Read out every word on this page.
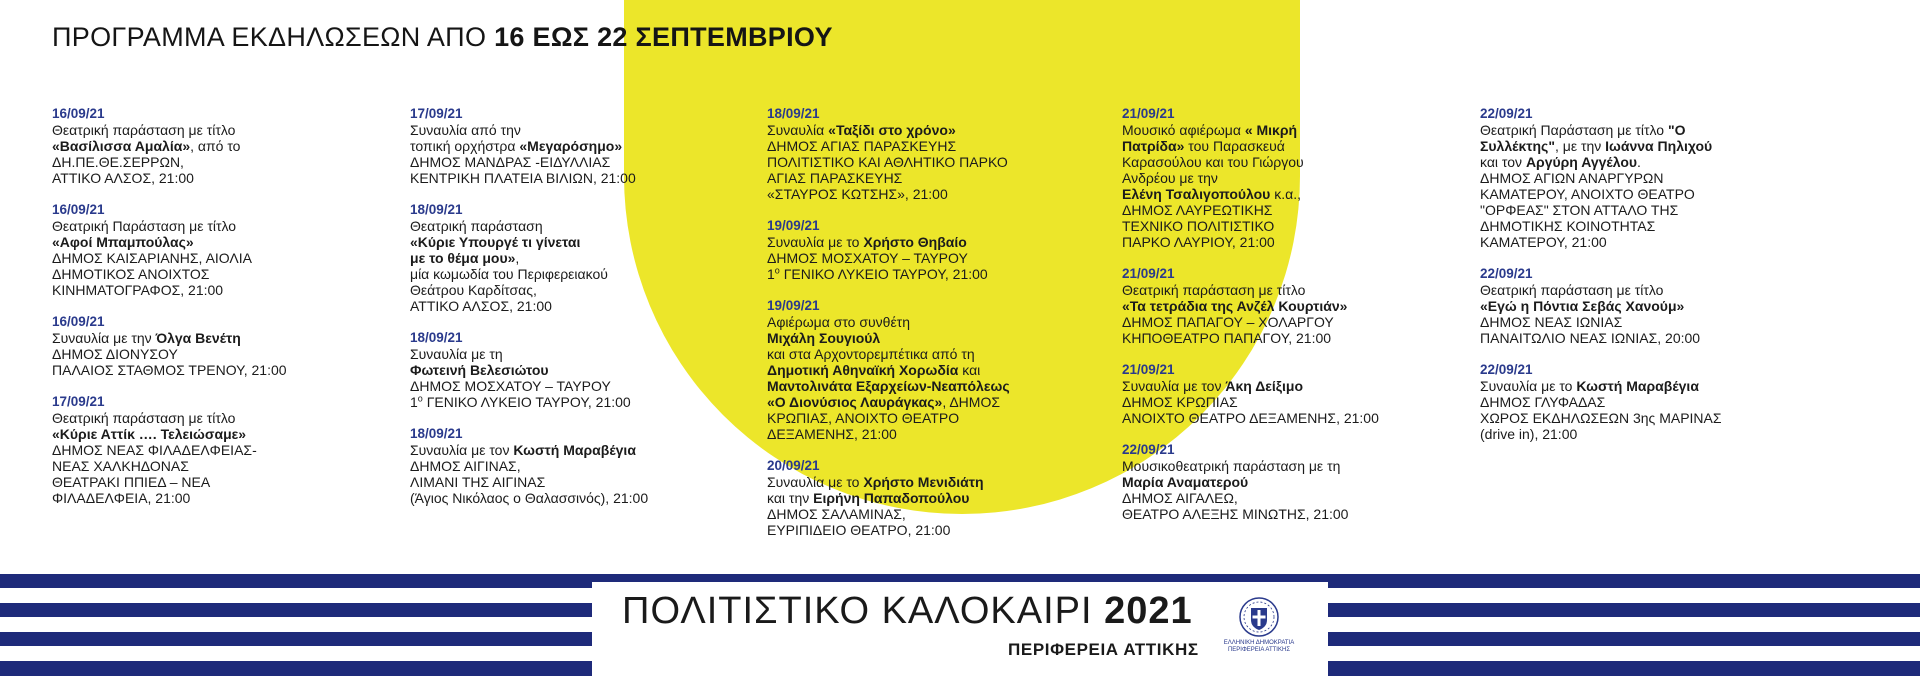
ΠΡΟΓΡΑΜΜΑ ΕΚΔΗΛΩΣΕΩΝ ΑΠΟ 16 ΕΩΣ 22 ΣΕΠΤΕΜΒΡΙΟΥ
16/09/21
Θεατρική παράσταση με τίτλο
«Βασίλισσα Αμαλία», από το
ΔΗ.ΠΕ.ΘΕ.ΣΕΡΡΩΝ,
ΑΤΤΙΚΟ ΑΛΣΟΣ, 21:00
16/09/21
Θεατρική Παράσταση με τίτλο
«Αφοί Μπαμπούλας»
ΔΗΜΟΣ ΚΑΙΣΑΡΙΑΝΗΣ, ΑΙΟΛΙΑ
ΔΗΜΟΤΙΚΟΣ ΑΝΟΙΧΤΟΣ
ΚΙΝΗΜΑΤΟΓΡΑΦΟΣ, 21:00
16/09/21
Συναυλία με την Όλγα Βενέτη
ΔΗΜΟΣ ΔΙΟΝΥΣΟΥ
ΠΑΛΑΙΟΣ ΣΤΑΘΜΟΣ ΤΡΕΝΟΥ, 21:00
17/09/21
Θεατρική παράσταση με τίτλο
«Κύριε Αττίκ …. Τελειώσαμε»
ΔΗΜΟΣ ΝΕΑΣ ΦΙΛΑΔΕΛΦΕΙΑΣ-
ΝΕΑΣ ΧΑΛΚΗΔΟΝΑΣ
ΘΕΑΤΡΑΚΙ ΠΠΙΕΔ – ΝΕΑ
ΦΙΛΑΔΕΛΦΕΙΑ, 21:00
17/09/21
Συναυλία από την
τοπική ορχήστρα «Μεγαρόσημο»
ΔΗΜΟΣ ΜΑΝΔΡΑΣ -ΕΙΔΥΛΛΙΑΣ
ΚΕΝΤΡΙΚΗ ΠΛΑΤΕΙΑ ΒΙΛΙΩΝ, 21:00
18/09/21
Θεατρική παράσταση
«Κύριε Υπουργέ τι γίνεται
με το θέμα μου»,
μία κωμωδία του Περιφερειακού
Θεάτρου Καρδίτσας,
ΑΤΤΙΚΟ ΑΛΣΟΣ, 21:00
18/09/21
Συναυλία με τη
Φωτεινή Βελεσιώτου
ΔΗΜΟΣ ΜΟΣΧΑΤΟΥ – ΤΑΥΡΟΥ
$1^o$ ΓΕΝΙΚΟ ΛΥΚΕΙΟ ΤΑΥΡΟΥ, 21:00
18/09/21
Συναυλία με τον Κωστή Μαραβέγια
ΔΗΜΟΣ ΑΙΓΙΝΑΣ,
ΛΙΜΑΝΙ ΤΗΣ ΑΙΓΙΝΑΣ
(Άγιος Νικόλαος ο Θαλασσινός), 21:00
18/09/21
Συναυλία «Ταξίδι στο χρόνο»
ΔΗΜΟΣ ΑΓΙΑΣ ΠΑΡΑΣΚΕΥΗΣ
ΠΟΛΙΤΙΣΤΙΚΟ ΚΑΙ ΑΘΛΗΤΙΚΟ ΠΑΡΚΟ
ΑΓΙΑΣ ΠΑΡΑΣΚΕΥΗΣ
«ΣΤΑΥΡΟΣ ΚΩΤΣΗΣ», 21:00
19/09/21
Συναυλία με το Χρήστο Θηβαίο
ΔΗΜΟΣ ΜΟΣΧΑΤΟΥ – ΤΑΥΡΟΥ
$1^o$ ΓΕΝΙΚΟ ΛΥΚΕΙΟ ΤΑΥΡΟΥ, 21:00
19/09/21
Αφιέρωμα στο συνθέτη
Μιχάλη Σουγιούλ
και στα Αρχοντορεμπέτικα από τη
Δημοτική Αθηναϊκή Χορωδία και
Μαντολινάτα Εξαρχείων-Νεαπόλεως
«Ο Διονύσιος Λαυράγκας», ΔΗΜΟΣ
ΚΡΩΠΙΑΣ, ΑΝΟΙΧΤΟ ΘΕΑΤΡΟ
ΔΕΞΑΜΕΝΗΣ, 21:00
20/09/21
Συναυλία με το Χρήστο Μενιδιάτη
και την Ειρήνη Παπαδοπούλου
ΔΗΜΟΣ ΣΑΛΑΜΙΝΑΣ,
ΕΥΡΙΠΙΔΕΙΟ ΘΕΑΤΡΟ, 21:00
21/09/21
Μουσικό αφιέρωμα « Μικρή
Πατρίδα» του Παρασκευά
Καρασούλου και του Γιώργου
Ανδρέου με την
Ελένη Τσαλιγοπούλου κ.α.,
ΔΗΜΟΣ ΛΑΥΡΕΩΤΙΚΗΣ
ΤΕΧΝΙΚΟ ΠΟΛΙΤΙΣΤΙΚΟ
ΠΑΡΚΟ ΛΑΥΡΙΟΥ, 21:00
21/09/21
Θεατρική παράσταση με τίτλο
«Τα τετράδια της Ανζέλ Κουρτιάν»
ΔΗΜΟΣ ΠΑΠΑΓΟΥ – ΧΟΛΑΡΓΟΥ
ΚΗΠΟΘΕΑΤΡΟ ΠΑΠΑΓΟΥ, 21:00
21/09/21
Συναυλία με τον Άκη Δείξιμο
ΔΗΜΟΣ ΚΡΩΠΙΑΣ
ΑΝΟΙΧΤΟ ΘΕΑΤΡΟ ΔΕΞΑΜΕΝΗΣ, 21:00
22/09/21
Μουσικοθεατρική παράσταση με τη
Μαρία Αναματερού
ΔΗΜΟΣ ΑΙΓΑΛΕΩ,
ΘΕΑΤΡΟ ΑΛΕΞΗΣ ΜΙΝΩΤΗΣ, 21:00
22/09/21
Θεατρική Παράσταση με τίτλο "Ο
Συλλέκτης", με την Ιωάννα Πηλιχού
και τον Αργύρη Αγγέλου.
ΔΗΜΟΣ ΑΓΙΩΝ ΑΝΑΡΓΥΡΩΝ
ΚΑΜΑΤΕΡΟΥ, ΑΝΟΙΧΤΟ ΘΕΑΤΡΟ
"ΟΡΦΕΑΣ" ΣΤΟΝ ΑΤΤΑΛΟ ΤΗΣ
ΔΗΜΟΤΙΚΗΣ ΚΟΙΝΟΤΗΤΑΣ
ΚΑΜΑΤΕΡΟΥ, 21:00
22/09/21
Θεατρική παράσταση με τίτλο
«Εγώ η Πόντια Σεβάς Χανούμ»
ΔΗΜΟΣ ΝΕΑΣ ΙΩΝΙΑΣ
ΠΑΝΑΙΤΩΛΙΟ ΝΕΑΣ ΙΩΝΙΑΣ, 20:00
22/09/21
Συναυλία με το Κωστή Μαραβέγια
ΔΗΜΟΣ ΓΛΥΦΑΔΑΣ
ΧΩΡΟΣ ΕΚΔΗΛΩΣΕΩΝ 3ης ΜΑΡΙΝΑΣ
(drive in), 21:00
ΠΟΛΙΤΙΣΤΙΚΟ ΚΑΛΟΚΑΙΡΙ 2021
ΠΕΡΙΦΕΡΕΙΑ ΑΤΤΙΚΗΣ	ΕΛΛΗΝΙΚΗ ΔΗΜΟΚΡΑΤΙΑ
ΠΕΡΙΦΕΡΕΙΑ ΑΤΤΙΚΗΣ
